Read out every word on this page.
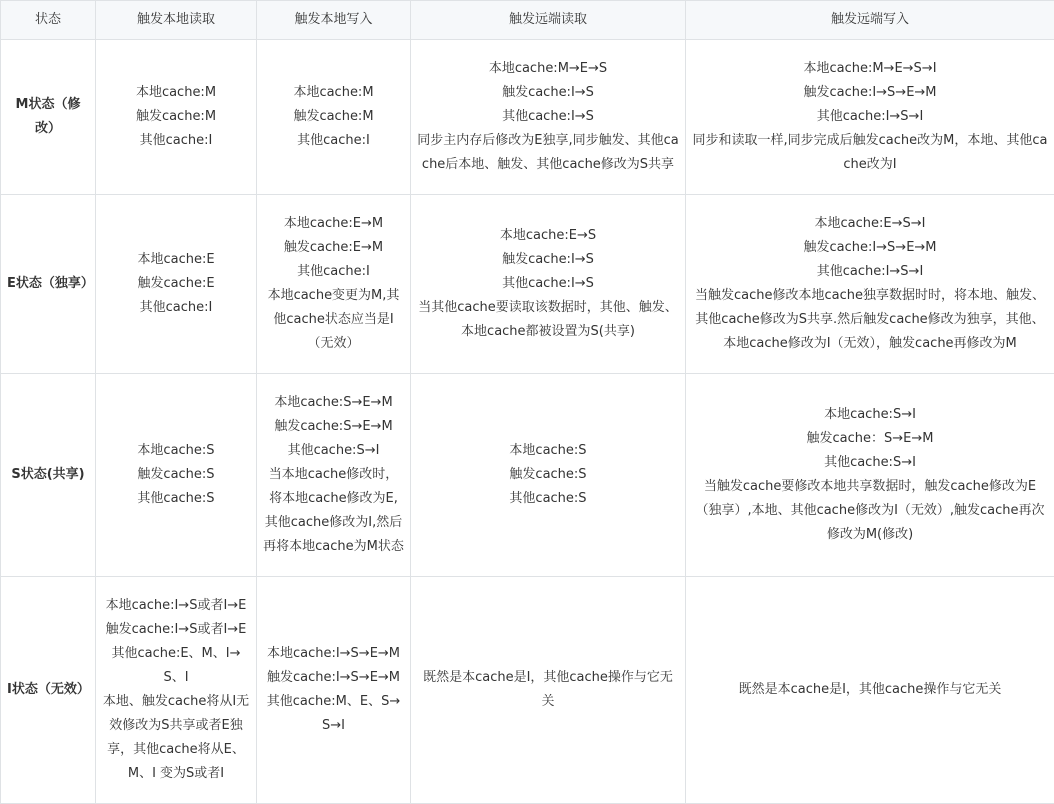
状态	触发本地读取	触发本地写入	触发远端读取	触发远端写入
M状态（修改）	本地cache:M
触发cache:M
其他cache:I	本地cache:M
触发cache:M
其他cache:I	本地cache:M→E→S
触发cache:I→S
其他cache:I→S
同步主内存后修改为E独享,同步触发、其他cache后本地、触发、其他cache修改为S共享	本地cache:M→E→S→I
触发cache:I→S→E→M
其他cache:I→S→I
同步和读取一样,同步完成后触发cache改为M，本地、其他cache改为I

E状态（独享）	本地cache:E
触发cache:E
其他cache:I	本地cache:E→M
触发cache:E→M
其他cache:I
本地cache变更为M,其他cache状态应当是I（无效）	本地cache:E→S
触发cache:I→S
其他cache:I→S
当其他cache要读取该数据时，其他、触发、本地cache都被设置为S(共享)	本地cache:E→S→I
触发cache:I→S→E→M
其他cache:I→S→I
当触发cache修改本地cache独享数据时时，将本地、触发、其他cache修改为S共享.然后触发cache修改为独享，其他、本地cache修改为I（无效），触发cache再修改为M

S状态(共享)	本地cache:S
触发cache:S
其他cache:S	本地cache:S→E→M
触发cache:S→E→M
其他cache:S→I
当本地cache修改时，将本地cache修改为E,其他cache修改为I,然后再将本地cache为M状态	本地cache:S
触发cache:S
其他cache:S	本地cache:S→I
触发cache：S→E→M
其他cache:S→I
当触发cache要修改本地共享数据时，触发cache修改为E（独享）,本地、其他cache修改为I（无效）,触发cache再次修改为M(修改)

I状态（无效）	本地cache:I→S或者I→E
触发cache:I→S或者I→E
其他cache:E、M、I→S、I
本地、触发cache将从I无效修改为S共享或者E独享，其他cache将从E、M、I 变为S或者I	本地cache:I→S→E→M
触发cache:I→S→E→M
其他cache:M、E、S→S→I	既然是本cache是I，其他cache操作与它无关	既然是本cache是I，其他cache操作与它无关
